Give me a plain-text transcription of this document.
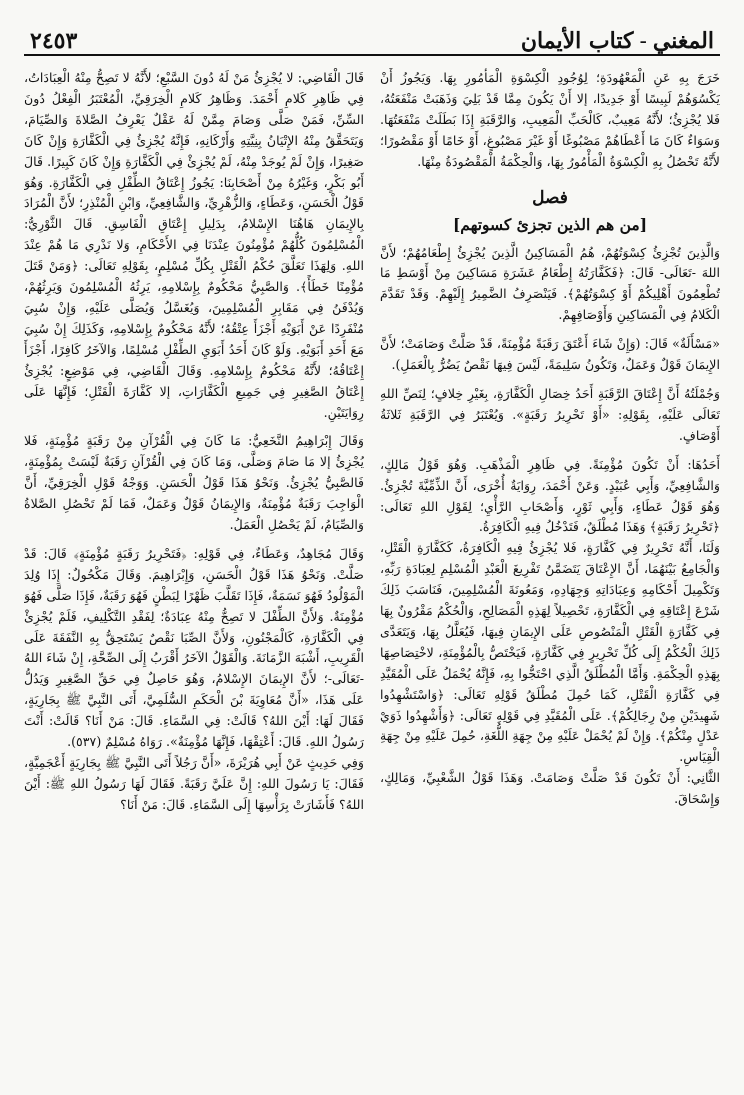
٢٤٥٣	المغني-كتاب الأيمان

خَرَجَ بِهِ عَنِ الْمَعْهُودَةِ؛ لِوُجُودِ الْكِسْوَةِ الْمَأْمُورِ بِهَا. وَيَجُوزُ أَنْ يَكْسُوَهُمْ لَبِيسًا أَوْ جَدِيدًا، إلا أَنْ يَكُونَ مِمَّا قَدْ بَلِيَ وَذَهَبَتْ مَنْفَعَتُهُ، فَلا يُجْزِئُ؛ لأَنَّهُ مَعِيبٌ، كَالْحَبِّ الْمَعِيبِ، وَالرَّقَبَةِ إِذَا بَطَلَتْ مَنْفَعَتُهَا. وَسَوَاءٌ كَانَ مَا أَعْطَاهُمْ مَصْبُوغًا أَوْ غَيْرَ مَصْبُوغٍ، أَوْ خَامًا أَوْ مَقْصُورًا؛ لأَنَّهُ تَحْصُلُ بِهِ الْكِسْوَةُ الْمَأْمُورُ بِهَا، وَالْحِكْمَةُ الْمَقْصُودَةُ مِنْهَا.

فصل

[من هم الذين تجزئ كسوتهم]

وَالَّذِينَ تُجْزِئُ كِسْوَتُهُمْ، هُمُ الْمَسَاكِينُ الَّذِينَ يُجْزِئُ إِطْعَامُهُمْ؛ لأَنَّ اللهَ -تَعَالَى- قَالَ: ﴿فَكَفَّارَتُهُ إِطْعَامُ عَشَرَةِ مَسَاكِينَ مِنْ أَوْسَطِ مَا تُطْعِمُونَ أَهْلِيكُمْ أَوْ كِسْوَتُهُمْ﴾. فَيَنْصَرِفُ الضَّمِيرُ إِلَيْهِمْ. وَقَدْ تَقَدَّمَ الْكَلامُ فِي الْمَسَاكِينِ وَأَوْصَافِهِمْ.

«مَسْأَلَةٌ» قَالَ: (وَإِنْ شَاءَ أَعْتَقَ رَقَبَةً مُؤْمِنَةً، قَدْ صَلَّتْ وَصَامَتْ؛ لأَنَّ الإِيمَانَ قَوْلٌ وَعَمَلٌ، وَتَكُونُ سَلِيمَةً، لَيْسَ فِيهَا نَقْصٌ يَضُرُّ بِالْعَمَلِ).

وَجُمْلَتُهُ أَنَّ إِعْتَاقَ الرَّقَبَةِ أَحَدُ خِصَالِ الْكَفَّارَةِ، بِغَيْرِ خِلافٍ؛ لِنَصِّ اللهِ تَعَالَى عَلَيْهِ، بِقَوْلِهِ: «أَوْ تَحْرِيرُ رَقَبَةٍ». وَيُعْتَبَرُ فِي الرَّقَبَةِ ثَلاثَةُ أَوْصَافٍ.

أَحَدُهَا: أَنْ تَكُونَ مُؤْمِنَةً. فِي ظَاهِرِ الْمَذْهَبِ. وَهُوَ قَوْلُ مَالِكٍ، وَالشَّافِعِيِّ، وَأَبِي عُبَيْدٍ. وَعَنْ أَحْمَدَ، رِوَايَةٌ أُخْرَى، أَنَّ الذِّمِّيَّةَ تُجْزِئُ. وَهُوَ قَوْلُ عَطَاءٍ، وَأَبِي ثَوْرٍ، وَأَصْحَابِ الرَّأْيِ؛ لِقَوْلِ اللهِ تَعَالَى: ﴿تَحْرِيرُ رَقَبَةٍ﴾ وَهَذَا مُطْلَقٌ، فَتَدْخُلُ فِيهِ الْكَافِرَةُ.

وَلَنَا، أَنَّهُ تَحْرِيرٌ فِي كَفَّارَةٍ، فَلا يُجْزِئُ فِيهِ الْكَافِرَةُ، كَكَفَّارَةِ الْقَتْلِ، وَالْجَامِعُ بَيْنَهُمَا، أَنَّ الإِعْتَاقَ يَتَضَمَّنُ تَفْرِيغَ الْعَبْدِ الْمُسْلِمِ لِعِبَادَةِ رَبِّهِ، وَتَكْمِيلَ أَحْكَامِهِ وَعِبَادَاتِهِ وَجِهَادِهِ، وَمَعُونَةَ الْمُسْلِمِينَ، فَنَاسَبَ ذَلِكَ شَرْعَ إِعْتَاقِهِ فِي الْكَفَّارَةِ، تَحْصِيلاً لِهَذِهِ الْمَصَالِحِ، وَالْحُكْمُ مَقْرُونٌ بِهَا فِي كَفَّارَةِ الْقَتْلِ الْمَنْصُوصِ عَلَى الإِيمَانِ فِيهَا، فَيُعَلَّلُ بِهَا، وَيَتَعَدَّى ذَلِكَ الْحُكْمُ إِلَى كُلِّ تَحْرِيرٍ فِي كَفَّارَةٍ، فَيَخْتَصُّ بِالْمُؤْمِنَةِ، لاخْتِصَاصِهَا بِهَذِهِ الْحِكْمَةِ. وَأَمَّا الْمُطْلَقُ الَّذِي احْتَجُّوا بِهِ، فَإِنَّهُ يُحْمَلُ عَلَى الْمُقَيَّدِ فِي كَفَّارَةِ الْقَتْلِ، كَمَا حُمِلَ مُطْلَقُ قَوْلِهِ تَعَالَى: ﴿وَاسْتَشْهِدُوا شَهِيدَيْنِ مِنْ رِجَالِكُمْ﴾. عَلَى الْمُقَيَّدِ فِي قَوْلِهِ تَعَالَى: ﴿وَأَشْهِدُوا ذَوَيْ عَدْلٍ مِنْكُمْ﴾. وَإِنْ لَمْ يُحْمَلْ عَلَيْهِ مِنْ جِهَةِ اللُّغَةِ، حُمِلَ عَلَيْهِ مِنْ جِهَةِ الْقِيَاسِ.

الثَّانِي: أَنْ تَكُونَ قَدْ صَلَّتْ وَصَامَتْ. وَهَذَا قَوْلُ الشَّعْبِيِّ، وَمَالِكٍ، وَإِسْحَاقَ.

قَالَ الْقَاضِي: لا يُجْزِئُ مَنْ لَهُ دُونَ السَّبْعِ؛ لأَنَّهُ لا تَصِحُّ مِنْهُ الْعِبَادَاتُ، فِي ظَاهِرِ كَلامِ أَحْمَدَ. وَظَاهِرُ كَلامِ الْخِرَقِيِّ، الْمُعْتَبَرُ الْفِعْلُ دُونَ السِّنِّ، فَمَنْ صَلَّى وَصَامَ مِمَّنْ لَهُ عَقْلٌ يَعْرِفُ الصَّلاةَ وَالصِّيَامَ، وَيَتَحَقَّقُ مِنْهُ الإِتْيَانُ بِنِيَّتِهِ وَأَرْكَانِهِ، فَإِنَّهُ يُجْزِئُ فِي الْكَفَّارَةِ وَإِنْ كَانَ صَغِيرًا، وَإِنْ لَمْ يُوجَدْ مِنْهُ، لَمْ يُجْزِئْ فِي الْكَفَّارَةِ وَإِنْ كَانَ كَبِيرًا. قَالَ أَبُو بَكْرٍ، وَغَيْرُهُ مِنْ أَصْحَابِنَا: يَجُوزُ إِعْتَاقُ الطِّفْلِ فِي الْكَفَّارَةِ. وَهُوَ قَوْلُ الْحَسَنِ، وَعَطَاءٍ، وَالزُّهْرِيِّ، وَالشَّافِعِيِّ، وَابْنِ الْمُنْذِرِ؛ لأَنَّ الْمُرَادَ بِالإِيمَانِ هَاهُنَا الإِسْلامُ، بِدَلِيلِ إِعْتَاقِ الْفَاسِقِ. قَالَ الثَّوْرِيُّ: الْمُسْلِمُونَ كُلُّهُمْ مُؤْمِنُونَ عِنْدَنَا فِي الأَحْكَامِ، وَلا نَدْرِي مَا هُمْ عِنْدَ اللهِ. وَلِهَذَا تَعَلَّقَ حُكْمُ الْقَتْلِ بِكُلِّ مُسْلِمٍ، بِقَوْلِهِ تَعَالَى: ﴿وَمَنْ قَتَلَ مُؤْمِنًا خَطَأً﴾. وَالصَّبِيُّ مَحْكُومٌ بِإِسْلامِهِ، يَرِثُهُ الْمُسْلِمُونَ وَيَرِثُهُمْ، وَيُدْفَنُ فِي مَقَابِرِ الْمُسْلِمِينَ، وَيُغَسَّلُ وَيُصَلَّى عَلَيْهِ، وَإِنْ سُبِيَ مُنْفَرِدًا عَنْ أَبَوَيْهِ أَجْزَأَ عِتْقُهُ؛ لأَنَّهُ مَحْكُومٌ بِإِسْلامِهِ، وَكَذَلِكَ إِنْ سُبِيَ مَعَ أَحَدِ أَبَوَيْهِ. وَلَوْ كَانَ أَحَدُ أَبَوَيِ الطِّفْلِ مُسْلِمًا، وَالآخَرُ كَافِرًا، أَجْزَأَ إِعْتَاقُهُ؛ لأَنَّهُ مَحْكُومٌ بِإِسْلامِهِ. وَقَالَ الْقَاضِي، فِي مَوْضِعٍ: يُجْزِئُ إِعْتَاقُ الصَّغِيرِ فِي جَمِيعِ الْكَفَّارَاتِ، إلا كَفَّارَةَ الْقَتْلِ؛ فَإِنَّهَا عَلَى رِوَايَتَيْنِ.

وَقَالَ إِبْرَاهِيمُ النَّخَعِيُّ: مَا كَانَ فِي الْقُرْآنِ مِنْ رَقَبَةٍ مُؤْمِنَةٍ، فَلا يُجْزِئُ إلا مَا صَامَ وَصَلَّى، وَمَا كَانَ فِي الْقُرْآنِ رَقَبَةٌ لَيْسَتْ بِمُؤْمِنَةٍ، فَالصَّبِيُّ يُجْزِئُ. وَنَحْوُ هَذَا قَوْلُ الْحَسَنِ. وَوَجْهُ قَوْلِ الْخِرَقِيِّ، أَنَّ الْوَاجِبَ رَقَبَةٌ مُؤْمِنَةٌ، وَالإِيمَانُ قَوْلٌ وَعَمَلٌ، فَمَا لَمْ تَحْصُلِ الصَّلاةُ وَالصِّيَامُ، لَمْ يَحْصُلِ الْعَمَلُ.

وَقَالَ مُجَاهِدٌ، وَعَطَاءٌ، فِي قَوْلِهِ: ﴿فَتَحْرِيرُ رَقَبَةٍ مُؤْمِنَةٍ﴾ قَالَ: قَدْ صَلَّتْ. وَنَحْوُ هَذَا قَوْلُ الْحَسَنِ، وَإِبْرَاهِيمَ. وَقَالَ مَكْحُولٌ: إِذَا وُلِدَ الْمَوْلُودُ فَهُوَ نَسَمَةٌ، فَإِذَا تَقَلَّبَ ظَهْرًا لِبَطْنٍ فَهُوَ رَقَبَةٌ، فَإِذَا صَلَّى فَهُوَ مُؤْمِنَةٌ. وَلأَنَّ الطِّفْلَ لا تَصِحُّ مِنْهُ عِبَادَةٌ؛ لِفَقْدِ التَّكْلِيفِ، فَلَمْ يُجْزِئْ فِي الْكَفَّارَةِ، كَالْمَجْنُونِ، وَلأَنَّ الصِّبَا نَقْصٌ يَسْتَحِقُّ بِهِ النَّفَقَةَ عَلَى الْقَرِيبِ، أَشْبَهَ الزَّمَانَةَ. وَالْقَوْلُ الآخَرُ أَقْرَبُ إِلَى الصِّحَّةِ، إِنْ شَاءَ اللهُ -تَعَالَى-؛ لأَنَّ الإِيمَانَ الإِسْلامُ، وَهُوَ حَاصِلٌ فِي حَقِّ الصَّغِيرِ وَيَدُلُّ عَلَى هَذَا، «أَنَّ مُعَاوِيَةَ بْنَ الْحَكَمِ السُّلَمِيَّ، أَتَى النَّبِيَّ ﷺ بِجَارِيَةٍ، فَقَالَ لَهَا: أَيْنَ اللهُ؟ قَالَتْ: فِي السَّمَاءِ. قَالَ: مَنْ أَنَا؟ قَالَتْ: أَنْتَ رَسُولُ اللهِ. قَالَ: أَعْتِقْهَا، فَإِنَّهَا مُؤْمِنَةٌ». رَوَاهُ مُسْلِمٌ (٥٣٧).

وَفِي حَدِيثٍ عَنْ أَبِي هُرَيْرَةَ، «أَنَّ رَجُلاً أَتَى النَّبِيَّ ﷺ بِجَارِيَةٍ أَعْجَمِيَّةٍ، فَقَالَ: يَا رَسُولَ اللهِ: إِنَّ عَلَيَّ رَقَبَةً. فَقَالَ لَهَا رَسُولُ اللهِ ﷺ: أَيْنَ اللهُ؟ فَأَشَارَتْ بِرَأْسِهَا إِلَى السَّمَاءِ. قَالَ: مَنْ أَنَا؟
